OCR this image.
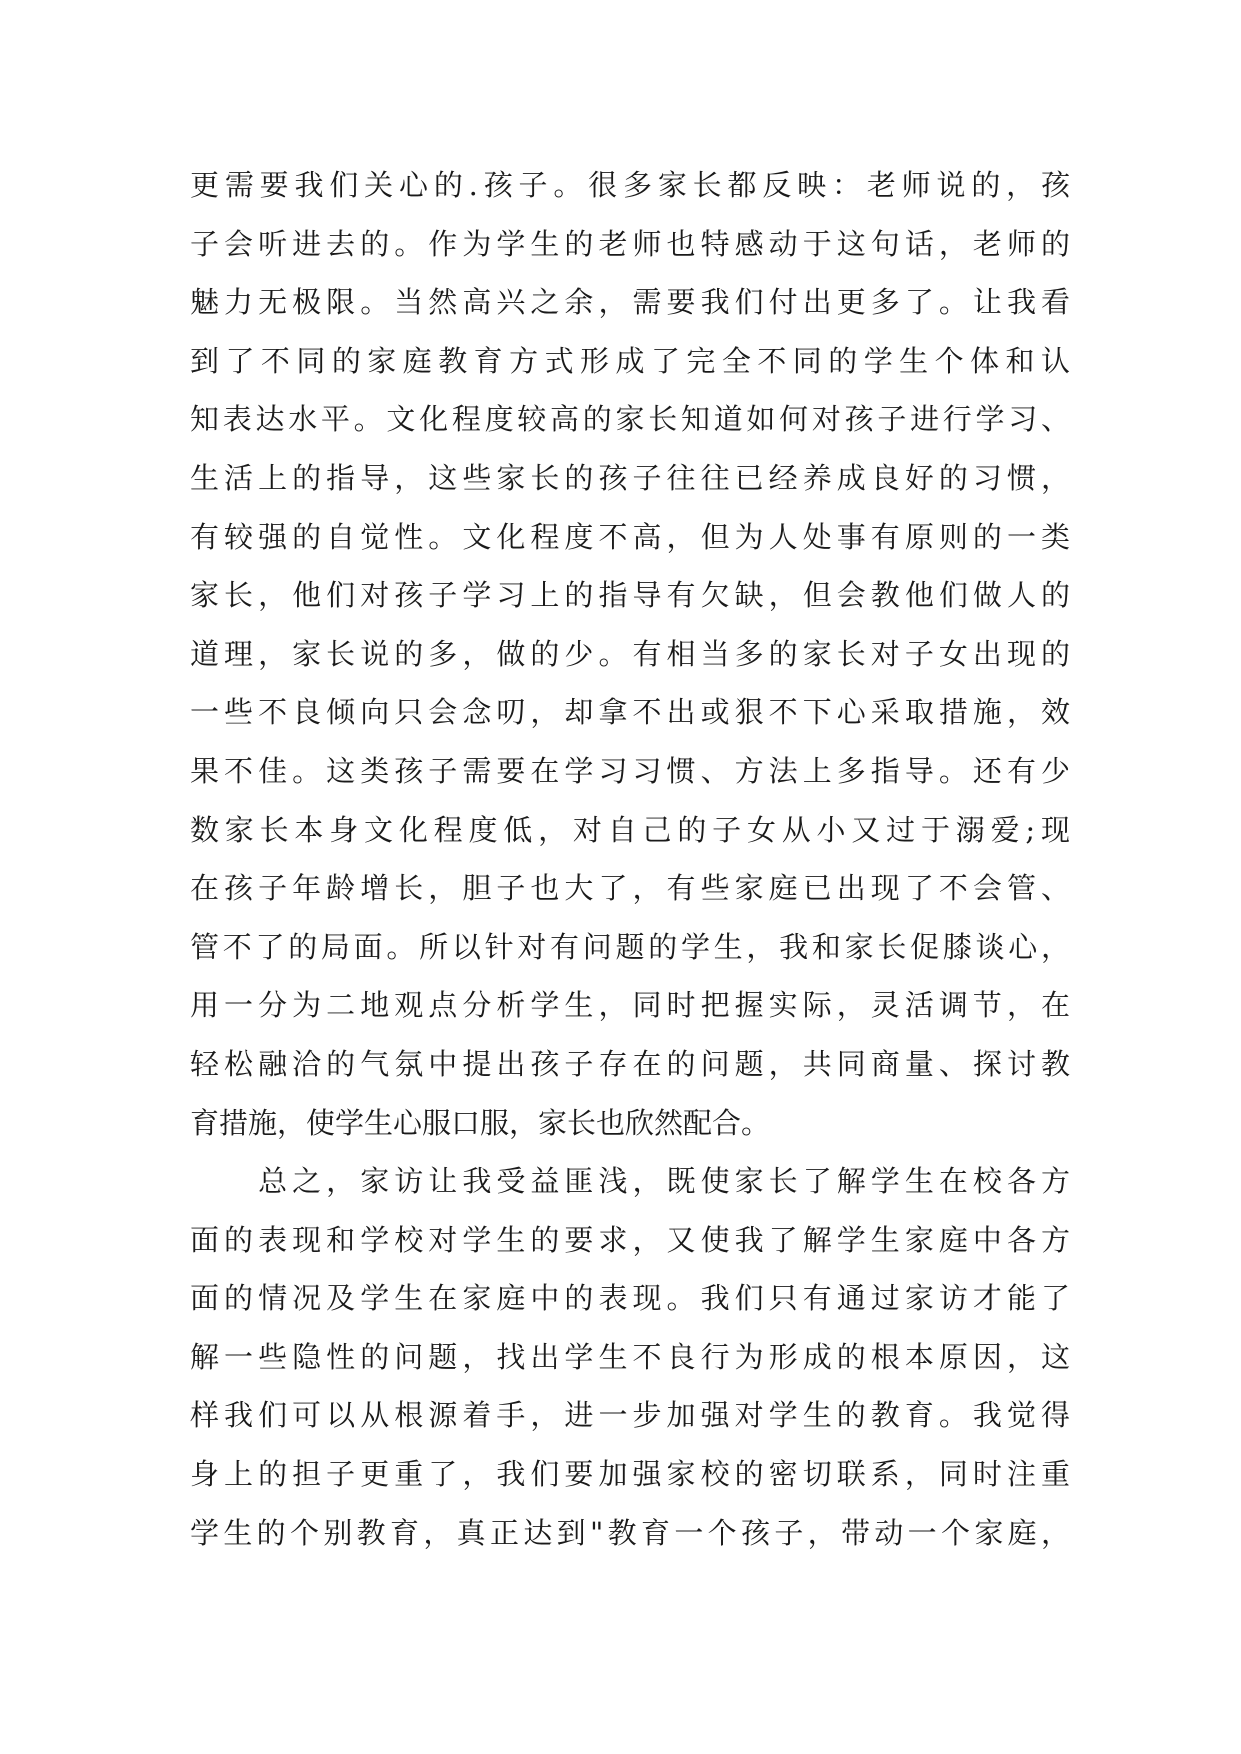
更需要我们关心的.孩子。很多家长都反映：老师说的，孩
子会听进去的。作为学生的老师也特感动于这句话，老师的
魅力无极限。当然高兴之余，需要我们付出更多了。让我看
到了不同的家庭教育方式形成了完全不同的学生个体和认
知表达水平。文化程度较高的家长知道如何对孩子进行学习、
生活上的指导，这些家长的孩子往往已经养成良好的习惯，
有较强的自觉性。文化程度不高，但为人处事有原则的一类
家长，他们对孩子学习上的指导有欠缺，但会教他们做人的
道理，家长说的多，做的少。有相当多的家长对子女出现的
一些不良倾向只会念叨，却拿不出或狠不下心采取措施，效
果不佳。这类孩子需要在学习习惯、方法上多指导。还有少
数家长本身文化程度低，对自己的子女从小又过于溺爱;现
在孩子年龄增长，胆子也大了，有些家庭已出现了不会管、
管不了的局面。所以针对有问题的学生，我和家长促膝谈心，
用一分为二地观点分析学生，同时把握实际，灵活调节，在
轻松融洽的气氛中提出孩子存在的问题，共同商量、探讨教
育措施，使学生心服口服，家长也欣然配合。
　　总之，家访让我受益匪浅，既使家长了解学生在校各方
面的表现和学校对学生的要求，又使我了解学生家庭中各方
面的情况及学生在家庭中的表现。我们只有通过家访才能了
解一些隐性的问题，找出学生不良行为形成的根本原因，这
样我们可以从根源着手，进一步加强对学生的教育。我觉得
身上的担子更重了，我们要加强家校的密切联系，同时注重
学生的个别教育，真正达到"教育一个孩子，带动一个家庭，
